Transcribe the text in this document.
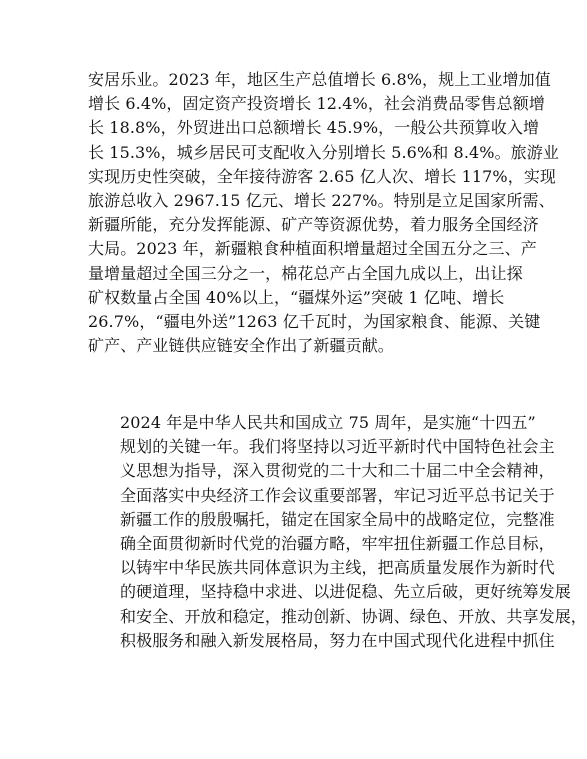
安居乐业。2023 年，地区生产总值增长 6.8%，规上工业增加值
增长 6.4%，固定资产投资增长 12.4%，社会消费品零售总额增
长 18.8%，外贸进出口总额增长 45.9%，一般公共预算收入增
长 15.3%，城乡居民可支配收入分别增长 5.6%和 8.4%。旅游业
实现历史性突破，全年接待游客 2.65 亿人次、增长 117%，实现
旅游总收入 2967.15 亿元、增长 227%。特别是立足国家所需、
新疆所能，充分发挥能源、矿产等资源优势，着力服务全国经济
大局。2023 年，新疆粮食种植面积增量超过全国五分之三、产
量增量超过全国三分之一，棉花总产占全国九成以上，出让探
矿权数量占全国 40%以上，“疆煤外运”突破 1 亿吨、增长
26.7%，“疆电外送”1263 亿千瓦时，为国家粮食、能源、关键
矿产、产业链供应链安全作出了新疆贡献。
2024 年是中华人民共和国成立 75 周年，是实施“十四五”
规划的关键一年。我们将坚持以习近平新时代中国特色社会主
义思想为指导，深入贯彻党的二十大和二十届二中全会精神，
全面落实中央经济工作会议重要部署，牢记习近平总书记关于
新疆工作的殷殷嘱托，锚定在国家全局中的战略定位，完整准
确全面贯彻新时代党的治疆方略，牢牢扭住新疆工作总目标，
以铸牢中华民族共同体意识为主线，把高质量发展作为新时代
的硬道理，坚持稳中求进、以进促稳、先立后破，更好统筹发展
和安全、开放和稳定，推动创新、协调、绿色、开放、共享发展，
积极服务和融入新发展格局，努力在中国式现代化进程中抓住
